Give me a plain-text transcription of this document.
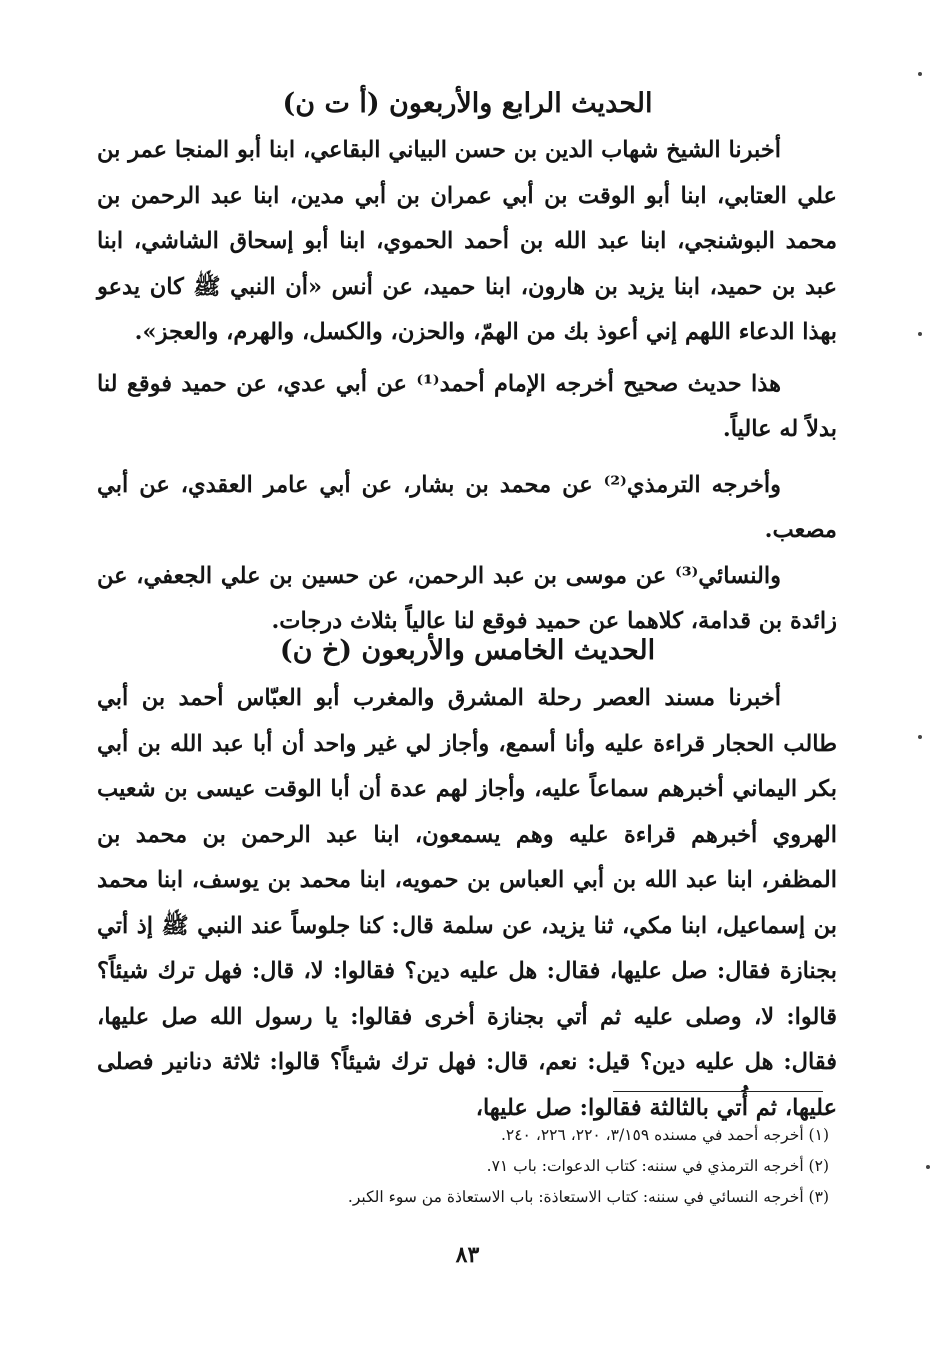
الحديث الرابع والأربعون (أ ت ن)

أخبرنا الشيخ شهاب الدين بن حسن البياني البقاعي، ابنا أبو المنجا عمر بن علي العتابي، ابنا أبو الوقت بن أبي عمران بن أبي مدين، ابنا عبد الرحمن بن محمد البوشنجي، ابنا عبد الله بن أحمد الحموي، ابنا أبو إسحاق الشاشي، ابنا عبد بن حميد، ابنا يزيد بن هارون، ابنا حميد، عن أنس «أن النبي ﷺ كان يدعو بهذا الدعاء اللهم إني أعوذ بك من الهمّ، والحزن، والكسل، والهرم، والعجز».

هذا حديث صحيح أخرجه الإمام أحمد⁽¹⁾ عن أبي عدي، عن حميد فوقع لنا بدلاً له عالياً.

وأخرجه الترمذي⁽²⁾ عن محمد بن بشار، عن أبي عامر العقدي، عن أبي مصعب.

والنسائي⁽³⁾ عن موسى بن عبد الرحمن، عن حسين بن علي الجعفي، عن زائدة بن قدامة، كلاهما عن حميد فوقع لنا عالياً بثلاث درجات.

الحديث الخامس والأربعون (خ ن)

أخبرنا مسند العصر رحلة المشرق والمغرب أبو العبّاس أحمد بن أبي طالب الحجار قراءة عليه وأنا أسمع، وأجاز لي غير واحد أن أبا عبد الله بن أبي بكر اليماني أخبرهم سماعاً عليه، وأجاز لهم عدة أن أبا الوقت عيسى بن شعيب الهروي أخبرهم قراءة عليه وهم يسمعون، ابنا عبد الرحمن بن محمد بن المظفر، ابنا عبد الله بن أبي العباس بن حمويه، ابنا محمد بن يوسف، ابنا محمد بن إسماعيل، ابنا مكي، ثنا يزيد، عن سلمة قال: كنا جلوساً عند النبي ﷺ إذ أتي بجنازة فقال: صل عليها، فقال: هل عليه دين؟ فقالوا: لا، قال: فهل ترك شيئاً؟ قالوا: لا، وصلى عليه ثم أتي بجنازة أخرى فقالوا: يا رسول الله صل عليها، فقال: هل عليه دين؟ قيل: نعم، قال: فهل ترك شيئاً؟ قالوا: ثلاثة دنانير فصلى عليها، ثم أُتي بالثالثة فقالوا: صل عليها،

(١) أخرجه أحمد في مسنده ٣/١٥٩، ٢٢٠، ٢٢٦، ٢٤٠.

(٢) أخرجه الترمذي في سننه: كتاب الدعوات: باب ٧١.

(٣) أخرجه النسائي في سننه: كتاب الاستعاذة: باب الاستعاذة من سوء الكبر.

٨٣
